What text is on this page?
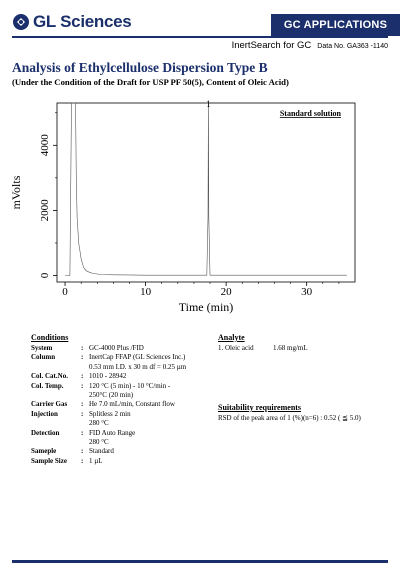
GL Sciences	GC APPLICATIONS
InertSearch for GC Data No. GA363 -1140
Analysis of Ethylcellulose Dispersion Type B
(Under the Condition of the Draft for USP PF 50(5), Content of Oleic Acid)
0	10	20	30
0
2000
4000
Time (min)
mVolts
Standard solution
1
Conditions
System	: GC-4000 Plus /FID
Column	: InertCap FFAP (GL Sciences Inc.)
0.53 mm I.D. x 30 m df = 0.25 µm
Col. Cat.No.	: 1010 - 28942
Col. Temp.	: 120 °C (5 min) - 10 °C/min -
250°C (20 min)
Carrier Gas	: He 7.0 mL/min, Constant flow
Injection	: Splitless 2 min
280 °C
Detection	: FID Auto Range
280 °C
Sameple	: Standard
Sample Size	: 1 µL
Analyte
1. Oleic acid	1.68 mg/mL
Suitability requirements
RSD of the peak area of 1 (%)(n=6) : 0.52 ( ≦ 5.0)
